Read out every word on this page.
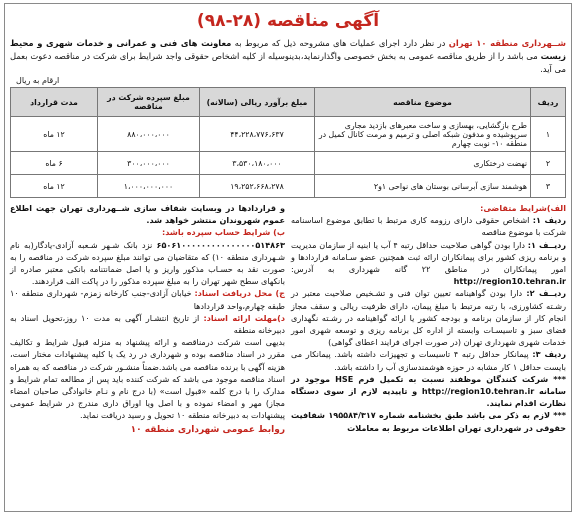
آگهی مناقصه (۲۸-۹۸)
شــهرداری منطقه ۱۰ تهران در نظر دارد اجرای عملیات های مشروحه ذیل که مربوط به معاونت های فنی و عمرانی و خدمات شهری و محیط زیست می باشد را از طریق مناقصه عمومی به بخش خصوصی واگذارنماید،بدینوسیله از کلیه اشخاص حقوقی واجد شرایط برای شرکت در مناقصه دعوت بعمل می آید.
ارقام به ریال
ردیف	موضوع مناقصه	مبلغ برآورد ریالی (سالانه)	مبلغ سپرده شرکت در مناقصه	مدت قرارداد
۱	طرح بازگشایی، بهسازی و ساخت معبرهای بازدید مجاری سرپوشیده و مدفون شبکه اصلی و ترمیم و مرمت کانال کمیل در منطقه ۱۰- نوبت چهارم	۴۴،۲۲۸،۷۷۶،۶۳۷	۸۸۰،۰۰۰،۰۰۰	۱۲ ماه
۲	نهضت درختکاری	۳،۵۳۰،۱۸۰،۰۰۰	۳۰۰،۰۰۰،۰۰۰	۶ ماه
۳	هوشمند سازی آبرسانی بوستان های نواحی ۱و۲	۱۹،۲۵۲،۶۶۸،۲۷۸	۱،۰۰۰،۰۰۰،۰۰۰	۱۲ ماه
الف)شرایط متقاضی:
ردیف ۱: اشخاص حقوقی دارای رزومه کاری مرتبط با تطابق موضوع اساسنامه شرکت با موضوع مناقصه
ردیــف ۱: دارا بودن گواهی صلاحیت حداقل رتبه ۴ آب یا ابنیه از سازمان مدیریت و برنامه ریزی کشور برای پیمانکاران ارائه ثبت همچنین عضو سـامانه قراردادها و امور پیمانکاران در مناطق ۲۲ گانه شهرداری به آدرس: http://region10.tehran.ir
ردیــف ۲: دارا بودن گواهینامه تعیین توان فنی و تشـخیص صلاحیت معتبر در رشـته کشاورزی، با رتبه مرتبط با مبلغ پیمان، دارای ظرفیت ریالی و سقف مجاز انجام کار از سازمان برنامه و بودجه کشور یا ارائه گواهینامه در رشـته نگهداری فضای سبز و تاسیسـات وابسته از اداره کل برنامه ریزی و توسعه شهری امور خدمات شهری شهرداری تهران (در صورت اجرای فرایند اعطای گواهی)
ردیف ۳: پیمانکار حداقل رتبه ۴ تاسیسات و تجهیزات داشته باشد. پیمانکار می بایست حداقل ۱ کار مشابه در حوزه هوشمندسازی آب را داشته باشد.
*** شرکت کنندگان موظفند نسبت به تکمیل فرم HSE موجود در سامانه http://region10.tehran.ir و تاییدیه لازم از سوی دستگاه نظارت اقدام نمایند.
*** لازم به ذکر می باشد طبق بخشنامه شماره ۱۹۵۵۸۴/۳۱۷ شفافیت حقوقی در شهرداری تهران اطلاعات مربوط به معاملات
و قراردادها در وبسایت شفاف سازی شــهرداری تهران جهت اطلاع عموم شهروندان منتشر خواهد شد.
ب) شرایط حساب سپرده باشد:
۶۵۰۶۱۰۰۰۰۰۰۰۰۰۰۰۰۰۰۰۵۱۴۸۶۳ نزد بانک شـهر شـعبه آزادی-یادگار(به نام شـهرداری منطقه ۱۰) که متقاضیان می توانند مبلغ سپرده شرکت در مناقصه را به صورت نقد به حسـاب مذکور واریز و یا اصل ضمانتنامه بانکی معتبر صادره از بانکهای سطح شهر تهران را به مبلغ سپرده مذکور را در پاکت الف قراردهند.
ج) محل دریافت اسناد: خیابان آزادی-جنب کارخانه زمزم- شهرداری منطقه ۱۰ طبقه چهارم،واحد قراردادها
د)مهلت ارائه اسناد: از تاریخ انتشـار آگهی به مدت ۱۰ روز،تحویل اسناد به دبیرخانه منطقه
بدیهی است شرکت درمناقصه و ارائه پیشنهاد به منزله قبول شرایط و تکالیف مقرر در اسناد مناقصه بوده و شهرداری در رد یک یا کلیه پیشنهادات مختار است، هزینه آگهی با برنده مناقصه می باشد.ضمناً منشـور شرکت در مناقصه که به همراه اسناد مناقصه موجود می باشد که شرکت کننده باید پس از مطالعه تمام شرایط و مدارک را با درج کلمه «قبول است» (با درج نام و نـام خانوادگی صاحبان امضاء مجاز) مهر و امضاء نموده و با اصل ویا اوراق داری مندرج در شرایط عمومی پیشنهادات به دبیرخانه منطقه ۱۰ تحویل و رسید دریافت نماید.
روابط عمومی شهرداری منطقه ۱۰
